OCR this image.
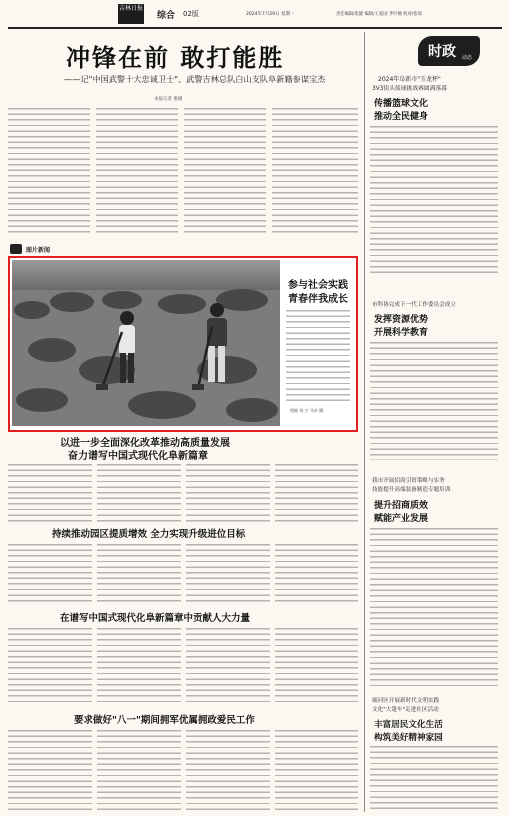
吉林日报
综合 02版	2024年7月29日 星期一	责任编辑/张健 编辑/王爱国 齐叶楠 校对/张琛
冲锋在前 敢打能胜
——记"中国武警十大忠诚卫士"、武警吉林总队白山支队阜新籍参谋宝杰
本报记者 惠刚
图片新闻
参与社会实践
青春伴我成长
图源 刘 宁 马卓 摄
以进一步全面深化改革推动高质量发展
奋力谱写中国式现代化阜新篇章
持续推动园区提质增效 全力实现升级进位目标
在谱写中国式现代化阜新篇章中贡献人大力量
要求做好"八一"期间拥军优属拥政爱民工作
时政 动态
2024年阜新市"玉龙杯"
3V3街头篮球挑战赛圆满落幕
传播篮球文化
推动全民健身
市科协完成下一代工作委员会成立
发挥资源优势
开展科学教育
我市开展招商引资策略与实务
技能提升高端装备制造专题培训
提升招商质效
赋能产业发展
细河区开展新时代文明实践
文化"大篷车"走进社区活动
丰富居民文化生活
构筑美好精神家园
